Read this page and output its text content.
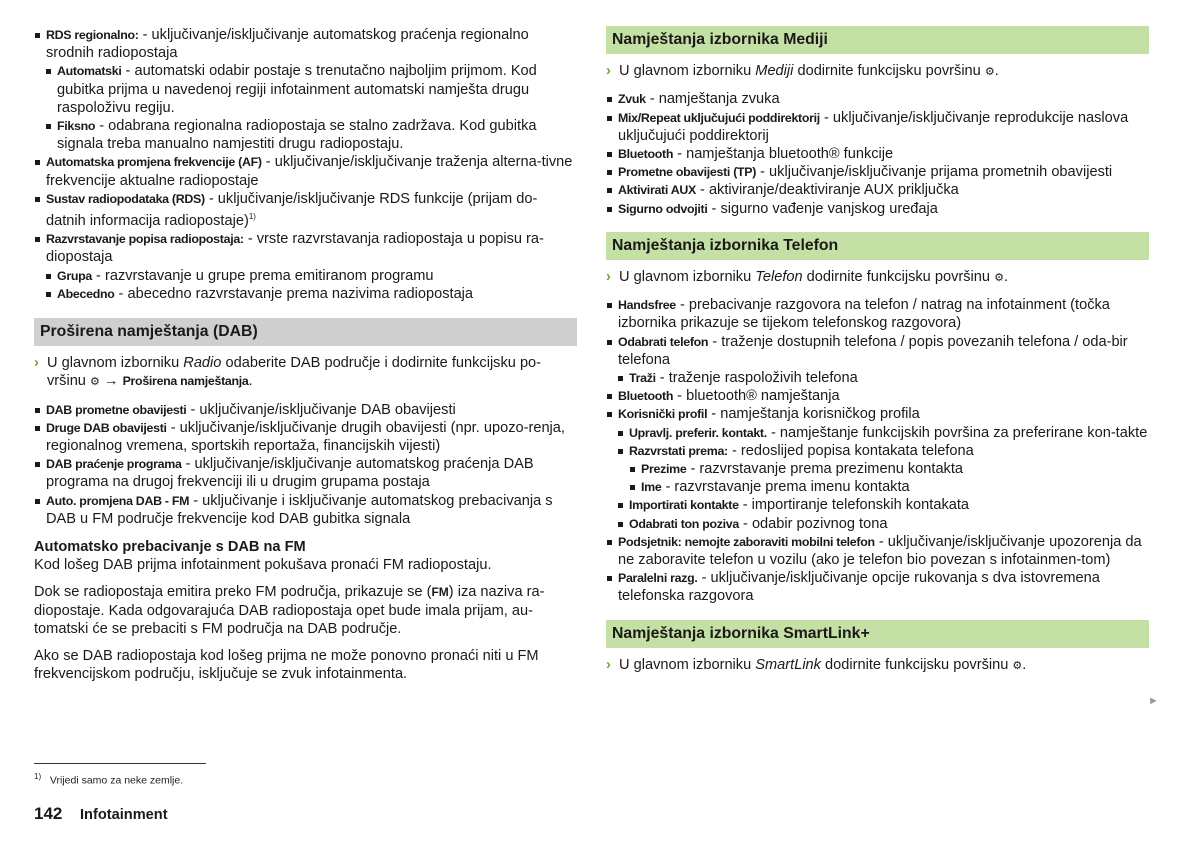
RDS regionalno: - uključivanje/isključivanje automatskog praćenja regionalno srodnih radiopostaja
Automatski - automatski odabir postaje s trenutačno najboljim prijmom. Kod gubitka prijma u navedenoj regiji infotainment automatski namješta drugu raspoloživu regiju.
Fiksno - odabrana regionalna radiopostaja se stalno zadržava. Kod gubitka signala treba manualno namjestiti drugu radiopostaju.
Automatska promjena frekvencije (AF) - uključivanje/isključivanje traženja alterna-tivne frekvencije aktualne radiopostaje
Sustav radiopodataka (RDS) - uključivanje/isključivanje RDS funkcije (prijam do-datnih informacija radiopostaje)$^{1)}$
Razvrstavanje popisa radiopostaja: - vrste razvrstavanja radiopostaja u popisu ra-diopostaja
Grupa - razvrstavanje u grupe prema emitiranom programu
Abecedno - abecedno razvrstavanje prema nazivima radiopostaja
Proširena namještanja (DAB)
› U glavnom izborniku Radio odaberite DAB područje i dodirnite funkcijsku po-vršinu ⚙ → Proširena namještanja.
DAB prometne obavijesti - uključivanje/isključivanje DAB obavijesti
Druge DAB obavijesti - uključivanje/isključivanje drugih obavijesti (npr. upozo-renja, regionalnog vremena, sportskih reportaža, financijskih vijesti)
DAB praćenje programa - uključivanje/isključivanje automatskog praćenja DAB programa na drugoj frekvenciji ili u drugim grupama postaja
Auto. promjena DAB - FM - uključivanje i isključivanje automatskog prebacivanja s DAB u FM područje frekvencije kod DAB gubitka signala

Automatsko prebacivanje s DAB na FM

Kod lošeg DAB prijma infotainment pokušava pronaći FM radiopostaju.

Dok se radiopostaja emitira preko FM područja, prikazuje se (FM) iza naziva ra-diopostaje. Kada odgovarajuća DAB radiopostaja opet bude imala prijam, au-tomatski će se prebaciti s FM područja na DAB područje.

Ako se DAB radiopostaja kod lošeg prijma ne može ponovno pronaći niti u FM frekvencijskom području, isključuje se zvuk infotainmenta.

Namještanja izbornika Mediji
› U glavnom izborniku Mediji dodirnite funkcijsku površinu ⚙.
Zvuk - namještanja zvuka
Mix/Repeat uključujući poddirektorij - uključivanje/isključivanje reprodukcije naslova uključujući poddirektorij
Bluetooth - namještanja bluetooth® funkcije
Prometne obavijesti (TP) - uključivanje/isključivanje prijama prometnih obavijesti
Aktivirati AUX - aktiviranje/deaktiviranje AUX priključka
Sigurno odvojiti - sigurno vađenje vanjskog uređaja
Namještanja izbornika Telefon
› U glavnom izborniku Telefon dodirnite funkcijsku površinu ⚙.
Handsfree - prebacivanje razgovora na telefon / natrag na infotainment (točka izbornika prikazuje se tijekom telefonskog razgovora)
Odabrati telefon - traženje dostupnih telefona / popis povezanih telefona / oda-bir telefona
Traži - traženje raspoloživih telefona
Bluetooth - bluetooth® namještanja
Korisnički profil - namještanja korisničkog profila
Upravlj. preferir. kontakt. - namještanje funkcijskih površina za preferirane kon-takte
Razvrstati prema: - redoslijed popisa kontakata telefona
Prezime - razvrstavanje prema prezimenu kontakta
Ime - razvrstavanje prema imenu kontakta
Importirati kontakte - importiranje telefonskih kontakata
Odabrati ton poziva - odabir pozivnog tona
Podsjetnik: nemojte zaboraviti mobilni telefon - uključivanje/isključivanje upozorenja da ne zaboravite telefon u vozilu (ako je telefon bio povezan s infotainmen-tom)
Paralelni razg. - uključivanje/isključivanje opcije rukovanja s dva istovremena telefonska razgovora
Namještanja izbornika SmartLink+
› U glavnom izborniku SmartLink dodirnite funkcijsku površinu ⚙.
►
$^{1)}$ Vrijedi samo za neke zemlje.
142 Infotainment
